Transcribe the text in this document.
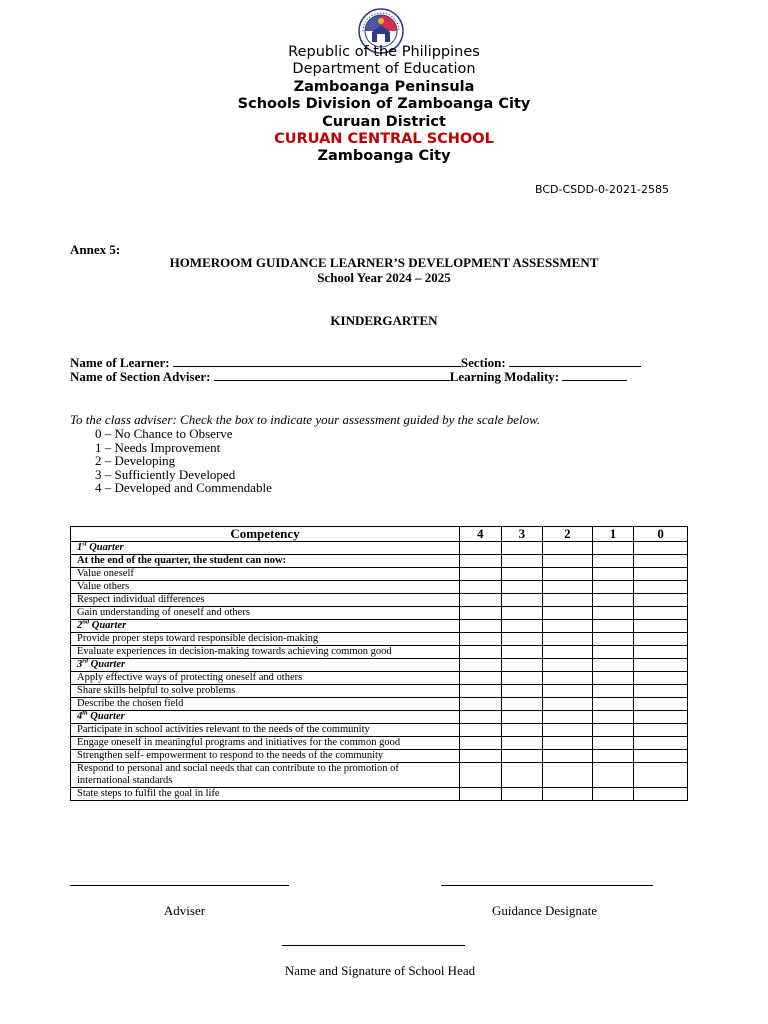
Republic of the Philippines
Department of Education
Zamboanga Peninsula
Schools Division of Zamboanga City
Curuan District
CURUAN CENTRAL SCHOOL
Zamboanga City
BCD-CSDD-0-2021-2585
Annex 5:
HOMEROOM GUIDANCE LEARNER’S DEVELOPMENT ASSESSMENT
School Year 2024 – 2025
KINDERGARTEN
Name of Learner:	Section:
Name of Section Adviser:	Learning Modality:
To the class adviser: Check the box to indicate your assessment guided by the scale below.
0 – No Chance to Observe
1 – Needs Improvement
2 – Developing
3 – Sufficiently Developed
4 – Developed and Commendable
Competency	4	3	2	1	0
1st Quarter					
At the end of the quarter, the student can now:					
Value oneself					
Value others					
Respect individual differences					
Gain understanding of oneself and others					
2nd Quarter					
Provide proper steps toward responsible decision-making					
Evaluate experiences in decision-making towards achieving common good					
3rd Quarter					
Apply effective ways of protecting oneself and others					
Share skills helpful to solve problems					
Describe the chosen field					
4th Quarter					
Participate in school activities relevant to the needs of the community					
Engage oneself in meaningful programs and initiatives for the common good					
Strengthen self- empowerment to respond to the needs of the community					
Respond to personal and social needs that can contribute to the promotion of international standards					
State steps to fulfil the goal in life					
Adviser	Guidance Designate
Name and Signature of School Head
